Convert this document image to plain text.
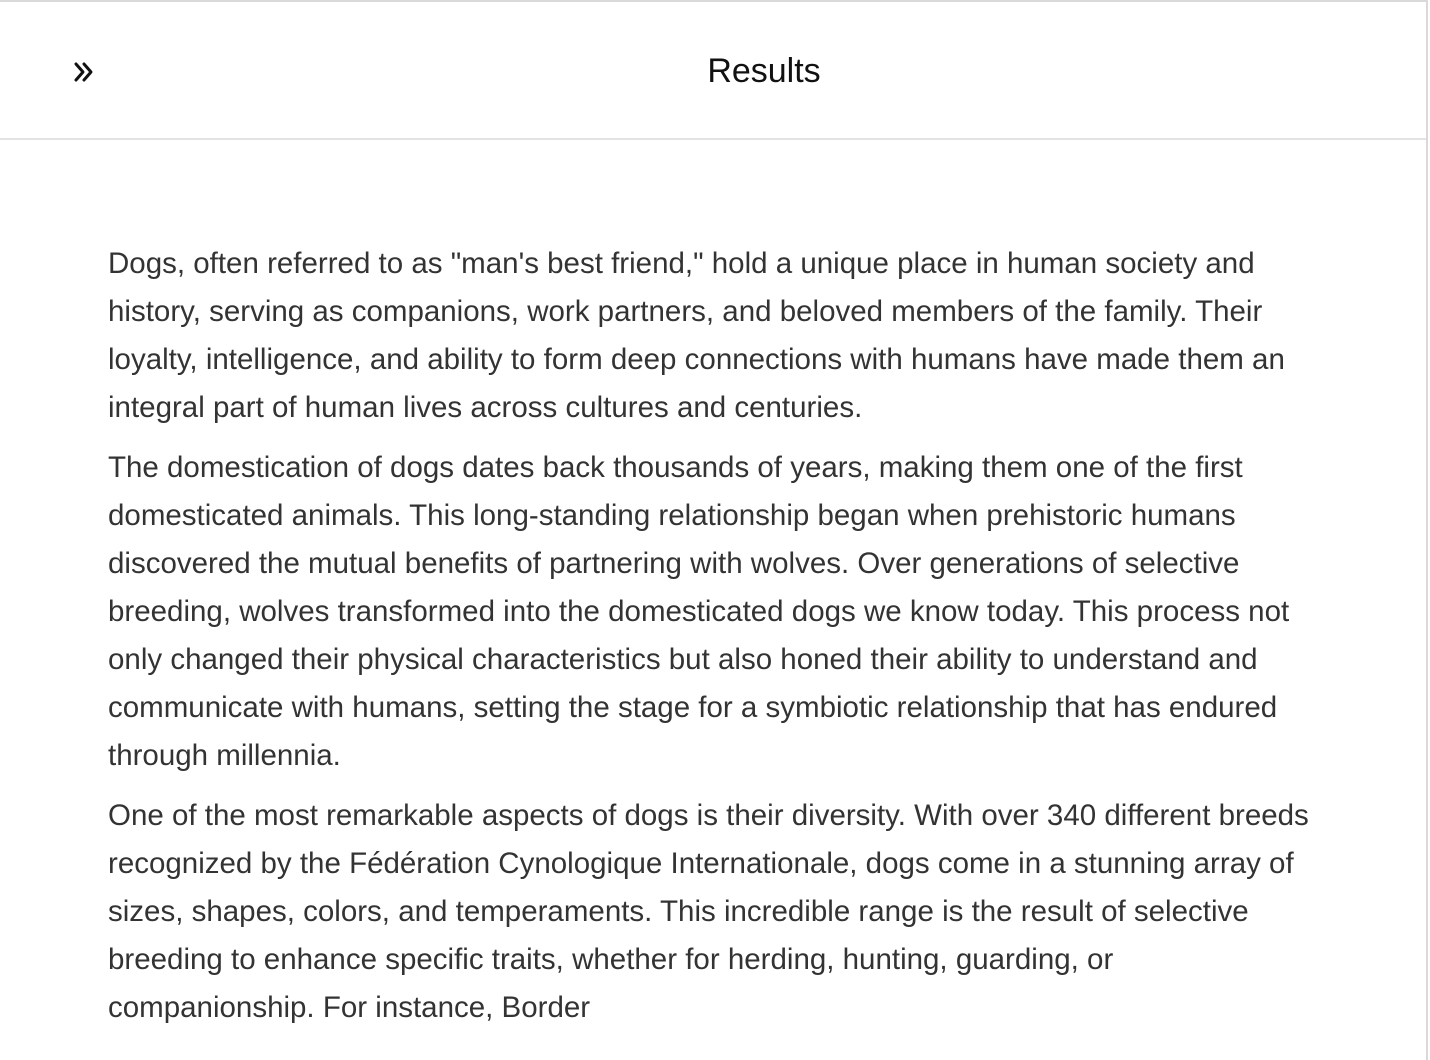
Results

Dogs, often referred to as "man's best friend," hold a unique place in human society and history, serving as companions, work partners, and beloved members of the family. Their loyalty, intelligence, and ability to form deep connections with humans have made them an integral part of human lives across cultures and centuries.

The domestication of dogs dates back thousands of years, making them one of the first domesticated animals. This long-standing relationship began when prehistoric humans discovered the mutual benefits of partnering with wolves. Over generations of selective breeding, wolves transformed into the domesticated dogs we know today. This process not only changed their physical characteristics but also honed their ability to understand and communicate with humans, setting the stage for a symbiotic relationship that has endured through millennia.

One of the most remarkable aspects of dogs is their diversity. With over 340 different breeds recognized by the Fédération Cynologique Internationale, dogs come in a stunning array of sizes, shapes, colors, and temperaments. This incredible range is the result of selective breeding to enhance specific traits, whether for herding, hunting, guarding, or companionship. For instance, Border
